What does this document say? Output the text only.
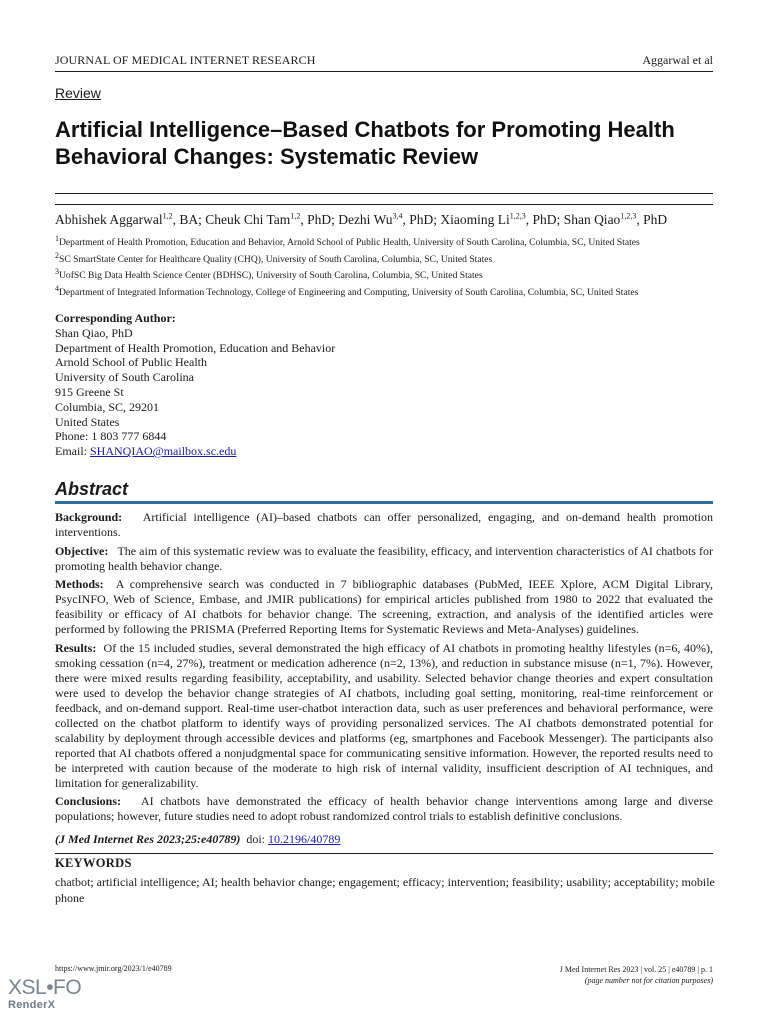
JOURNAL OF MEDICAL INTERNET RESEARCH	Aggarwal et al
Review
Artificial Intelligence–Based Chatbots for Promoting Health Behavioral Changes: Systematic Review
Abhishek Aggarwal$^{1,2}$, BA; Cheuk Chi Tam$^{1,2}$, PhD; Dezhi Wu$^{3,4}$, PhD; Xiaoming Li$^{1,2,3}$, PhD; Shan Qiao$^{1,2,3}$, PhD
$^1$Department of Health Promotion, Education and Behavior, Arnold School of Public Health, University of South Carolina, Columbia, SC, United States
$^2$SC SmartState Center for Healthcare Quality (CHQ), University of South Carolina, Columbia, SC, United States
$^3$UofSC Big Data Health Science Center (BDHSC), University of South Carolina, Columbia, SC, United States
$^4$Department of Integrated Information Technology, College of Engineering and Computing, University of South Carolina, Columbia, SC, United States
Corresponding Author:
Shan Qiao, PhD
Department of Health Promotion, Education and Behavior
Arnold School of Public Health
University of South Carolina
915 Greene St
Columbia, SC, 29201
United States
Phone: 1 803 777 6844
Email: SHANQIAO@mailbox.sc.edu
Abstract

Background: Artificial intelligence (AI)–based chatbots can offer personalized, engaging, and on-demand health promotion interventions.

Objective: The aim of this systematic review was to evaluate the feasibility, efficacy, and intervention characteristics of AI chatbots for promoting health behavior change.

Methods: A comprehensive search was conducted in 7 bibliographic databases (PubMed, IEEE Xplore, ACM Digital Library, PsycINFO, Web of Science, Embase, and JMIR publications) for empirical articles published from 1980 to 2022 that evaluated the feasibility or efficacy of AI chatbots for behavior change. The screening, extraction, and analysis of the identified articles were performed by following the PRISMA (Preferred Reporting Items for Systematic Reviews and Meta-Analyses) guidelines.

Results: Of the 15 included studies, several demonstrated the high efficacy of AI chatbots in promoting healthy lifestyles (n=6, 40%), smoking cessation (n=4, 27%), treatment or medication adherence (n=2, 13%), and reduction in substance misuse (n=1, 7%). However, there were mixed results regarding feasibility, acceptability, and usability. Selected behavior change theories and expert consultation were used to develop the behavior change strategies of AI chatbots, including goal setting, monitoring, real-time reinforcement or feedback, and on-demand support. Real-time user-chatbot interaction data, such as user preferences and behavioral performance, were collected on the chatbot platform to identify ways of providing personalized services. The AI chatbots demonstrated potential for scalability by deployment through accessible devices and platforms (eg, smartphones and Facebook Messenger). The participants also reported that AI chatbots offered a nonjudgmental space for communicating sensitive information. However, the reported results need to be interpreted with caution because of the moderate to high risk of internal validity, insufficient description of AI techniques, and limitation for generalizability.

Conclusions: AI chatbots have demonstrated the efficacy of health behavior change interventions among large and diverse populations; however, future studies need to adopt robust randomized control trials to establish definitive conclusions.

(J Med Internet Res 2023;25:e40789) doi: 10.2196/40789
KEYWORDS
chatbot; artificial intelligence; AI; health behavior change; engagement; efficacy; intervention; feasibility; usability; acceptability; mobile phone
https://www.jmir.org/2023/1/e40789	J Med Internet Res 2023 | vol. 25 | e40789 | p. 1
(page number not for citation purposes)
XSL•FO
RenderX
